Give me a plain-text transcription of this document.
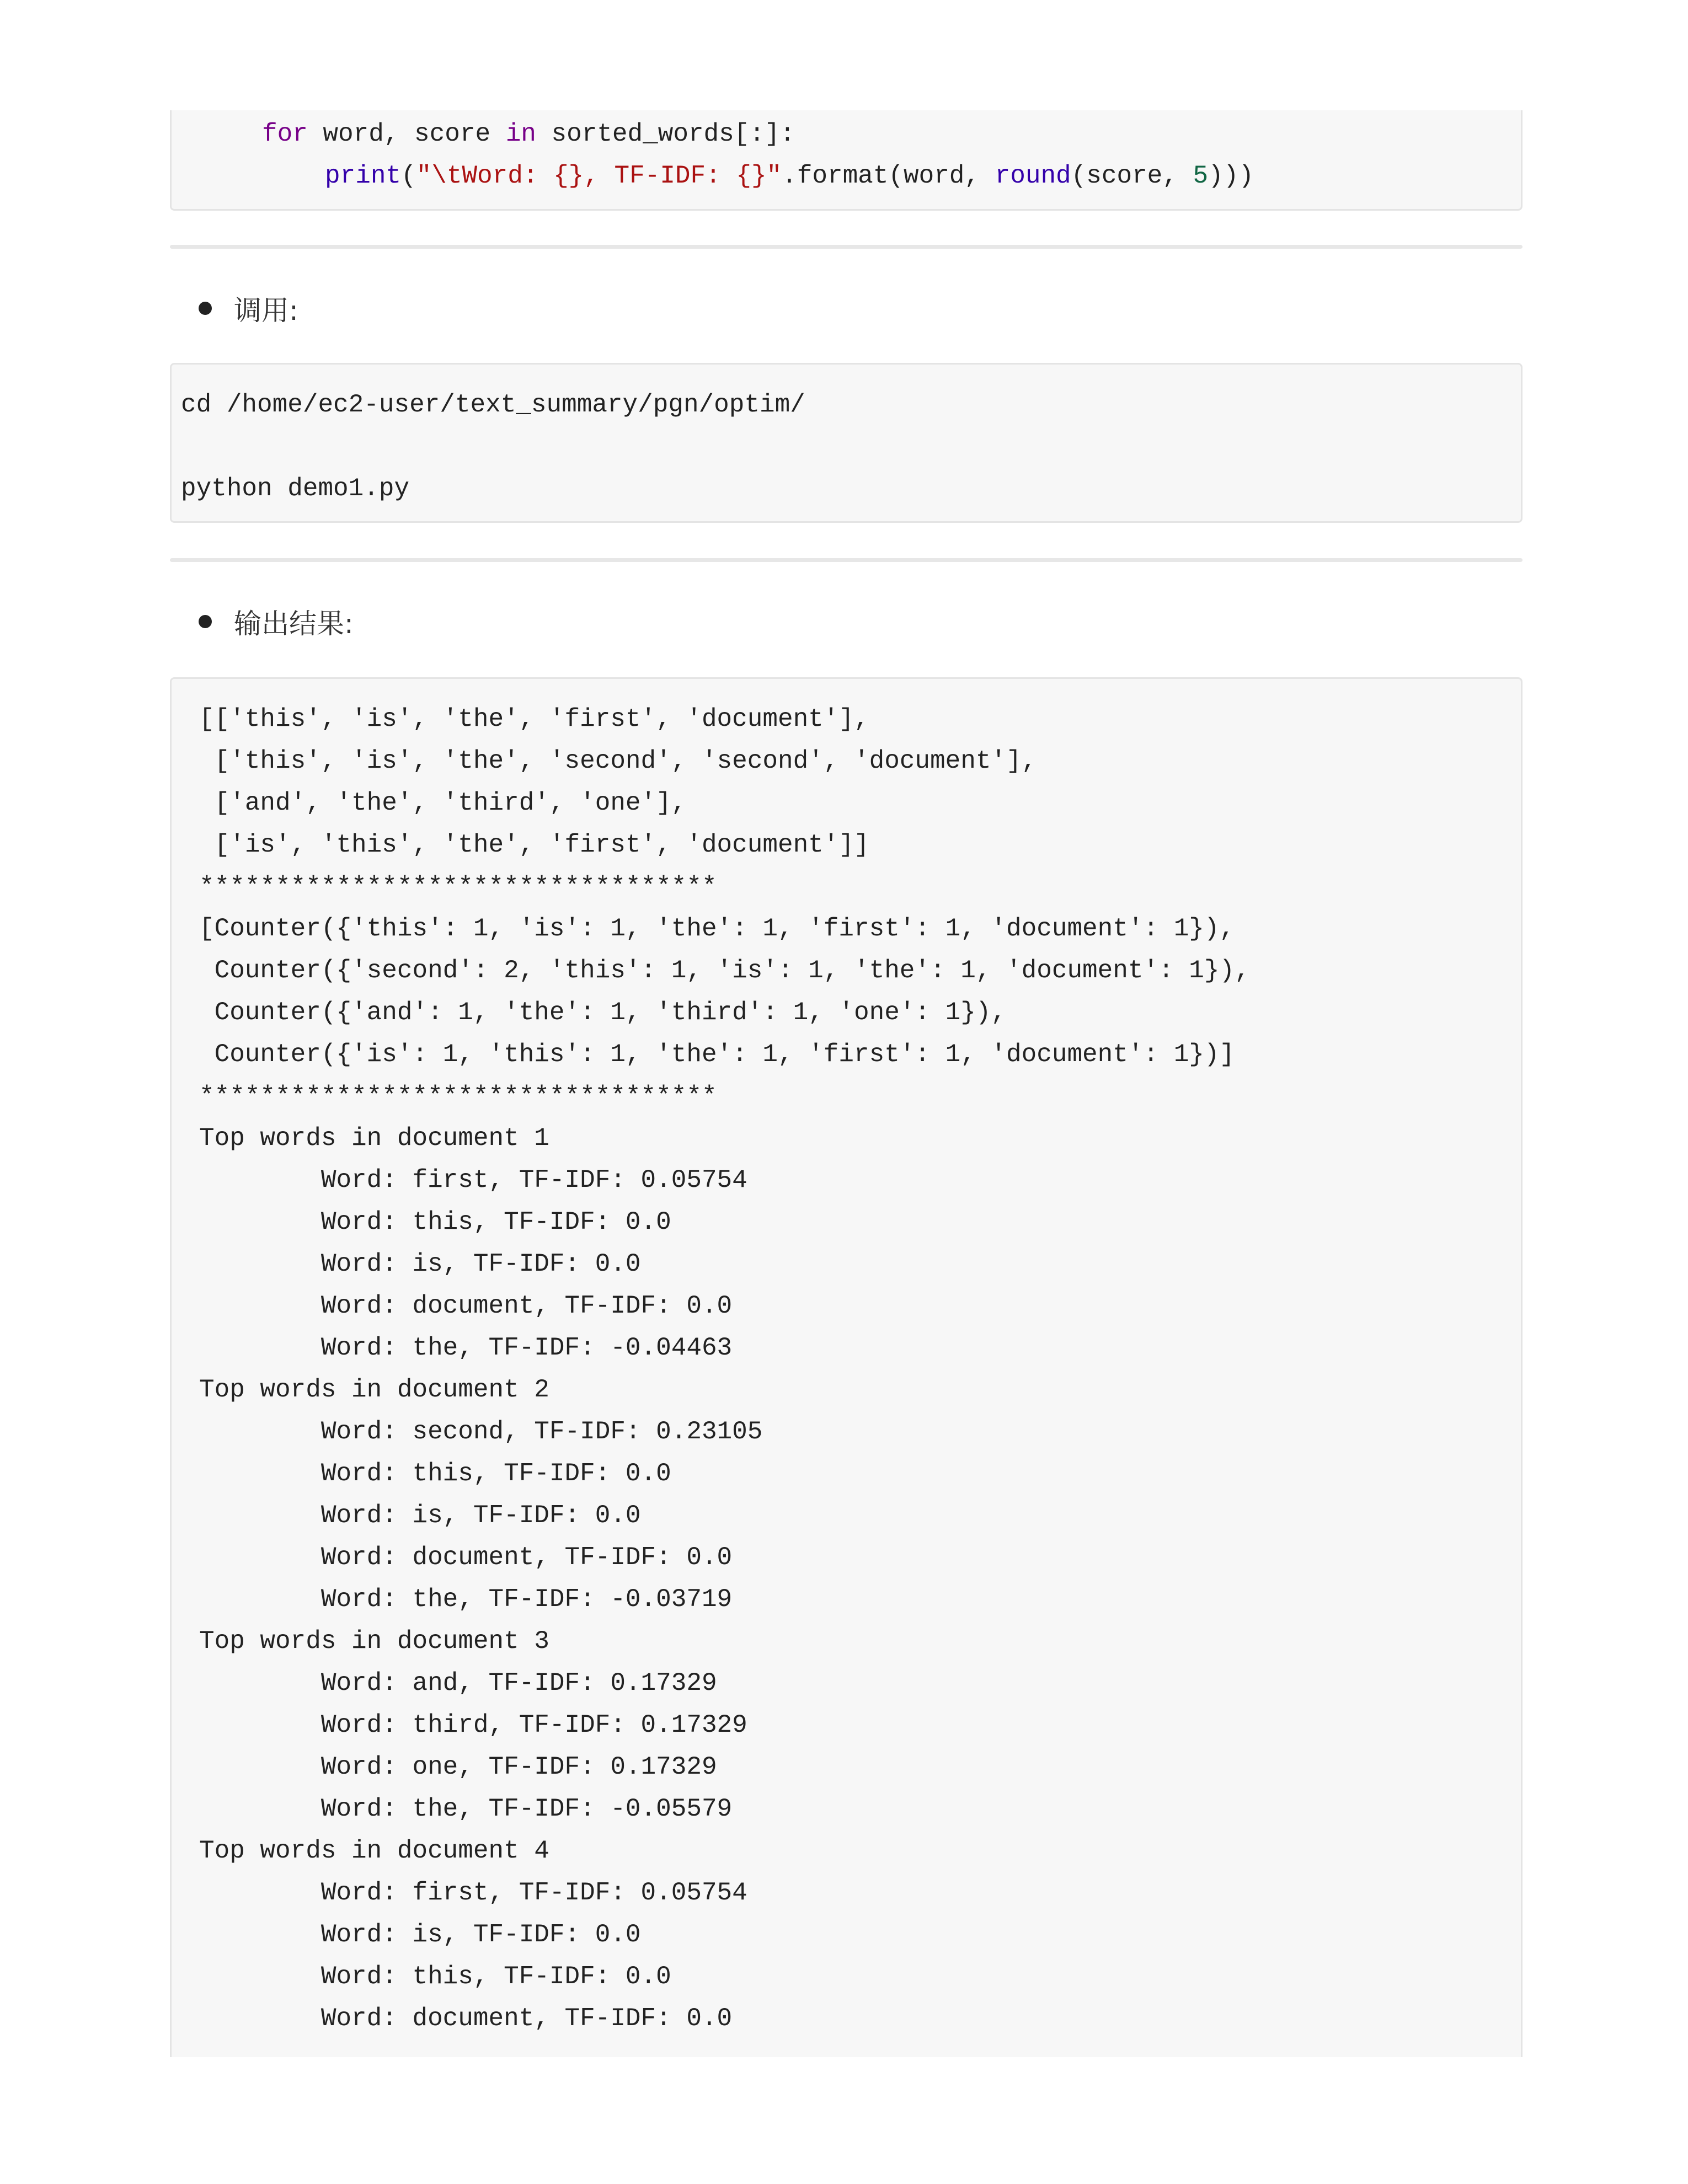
for word, score in sorted_words[:]:
print("\tWord: {}, TF-IDF: {}".format(word, round(score, 5)))
调用:
cd /home/ec2-user/text_summary/pgn/optim/
python demo1.py
输出结果:
[['this', 'is', 'the', 'first', 'document'],
['this', 'is', 'the', 'second', 'second', 'document'],
['and', 'the', 'third', 'one'],
['is', 'this', 'the', 'first', 'document']]
**********************************
[Counter({'this': 1, 'is': 1, 'the': 1, 'first': 1, 'document': 1}),
Counter({'second': 2, 'this': 1, 'is': 1, 'the': 1, 'document': 1}),
Counter({'and': 1, 'the': 1, 'third': 1, 'one': 1}),
Counter({'is': 1, 'this': 1, 'the': 1, 'first': 1, 'document': 1})]
**********************************
Top words in document 1
Word: first, TF-IDF: 0.05754
Word: this, TF-IDF: 0.0
Word: is, TF-IDF: 0.0
Word: document, TF-IDF: 0.0
Word: the, TF-IDF: -0.04463
Top words in document 2
Word: second, TF-IDF: 0.23105
Word: this, TF-IDF: 0.0
Word: is, TF-IDF: 0.0
Word: document, TF-IDF: 0.0
Word: the, TF-IDF: -0.03719
Top words in document 3
Word: and, TF-IDF: 0.17329
Word: third, TF-IDF: 0.17329
Word: one, TF-IDF: 0.17329
Word: the, TF-IDF: -0.05579
Top words in document 4
Word: first, TF-IDF: 0.05754
Word: is, TF-IDF: 0.0
Word: this, TF-IDF: 0.0
Word: document, TF-IDF: 0.0
